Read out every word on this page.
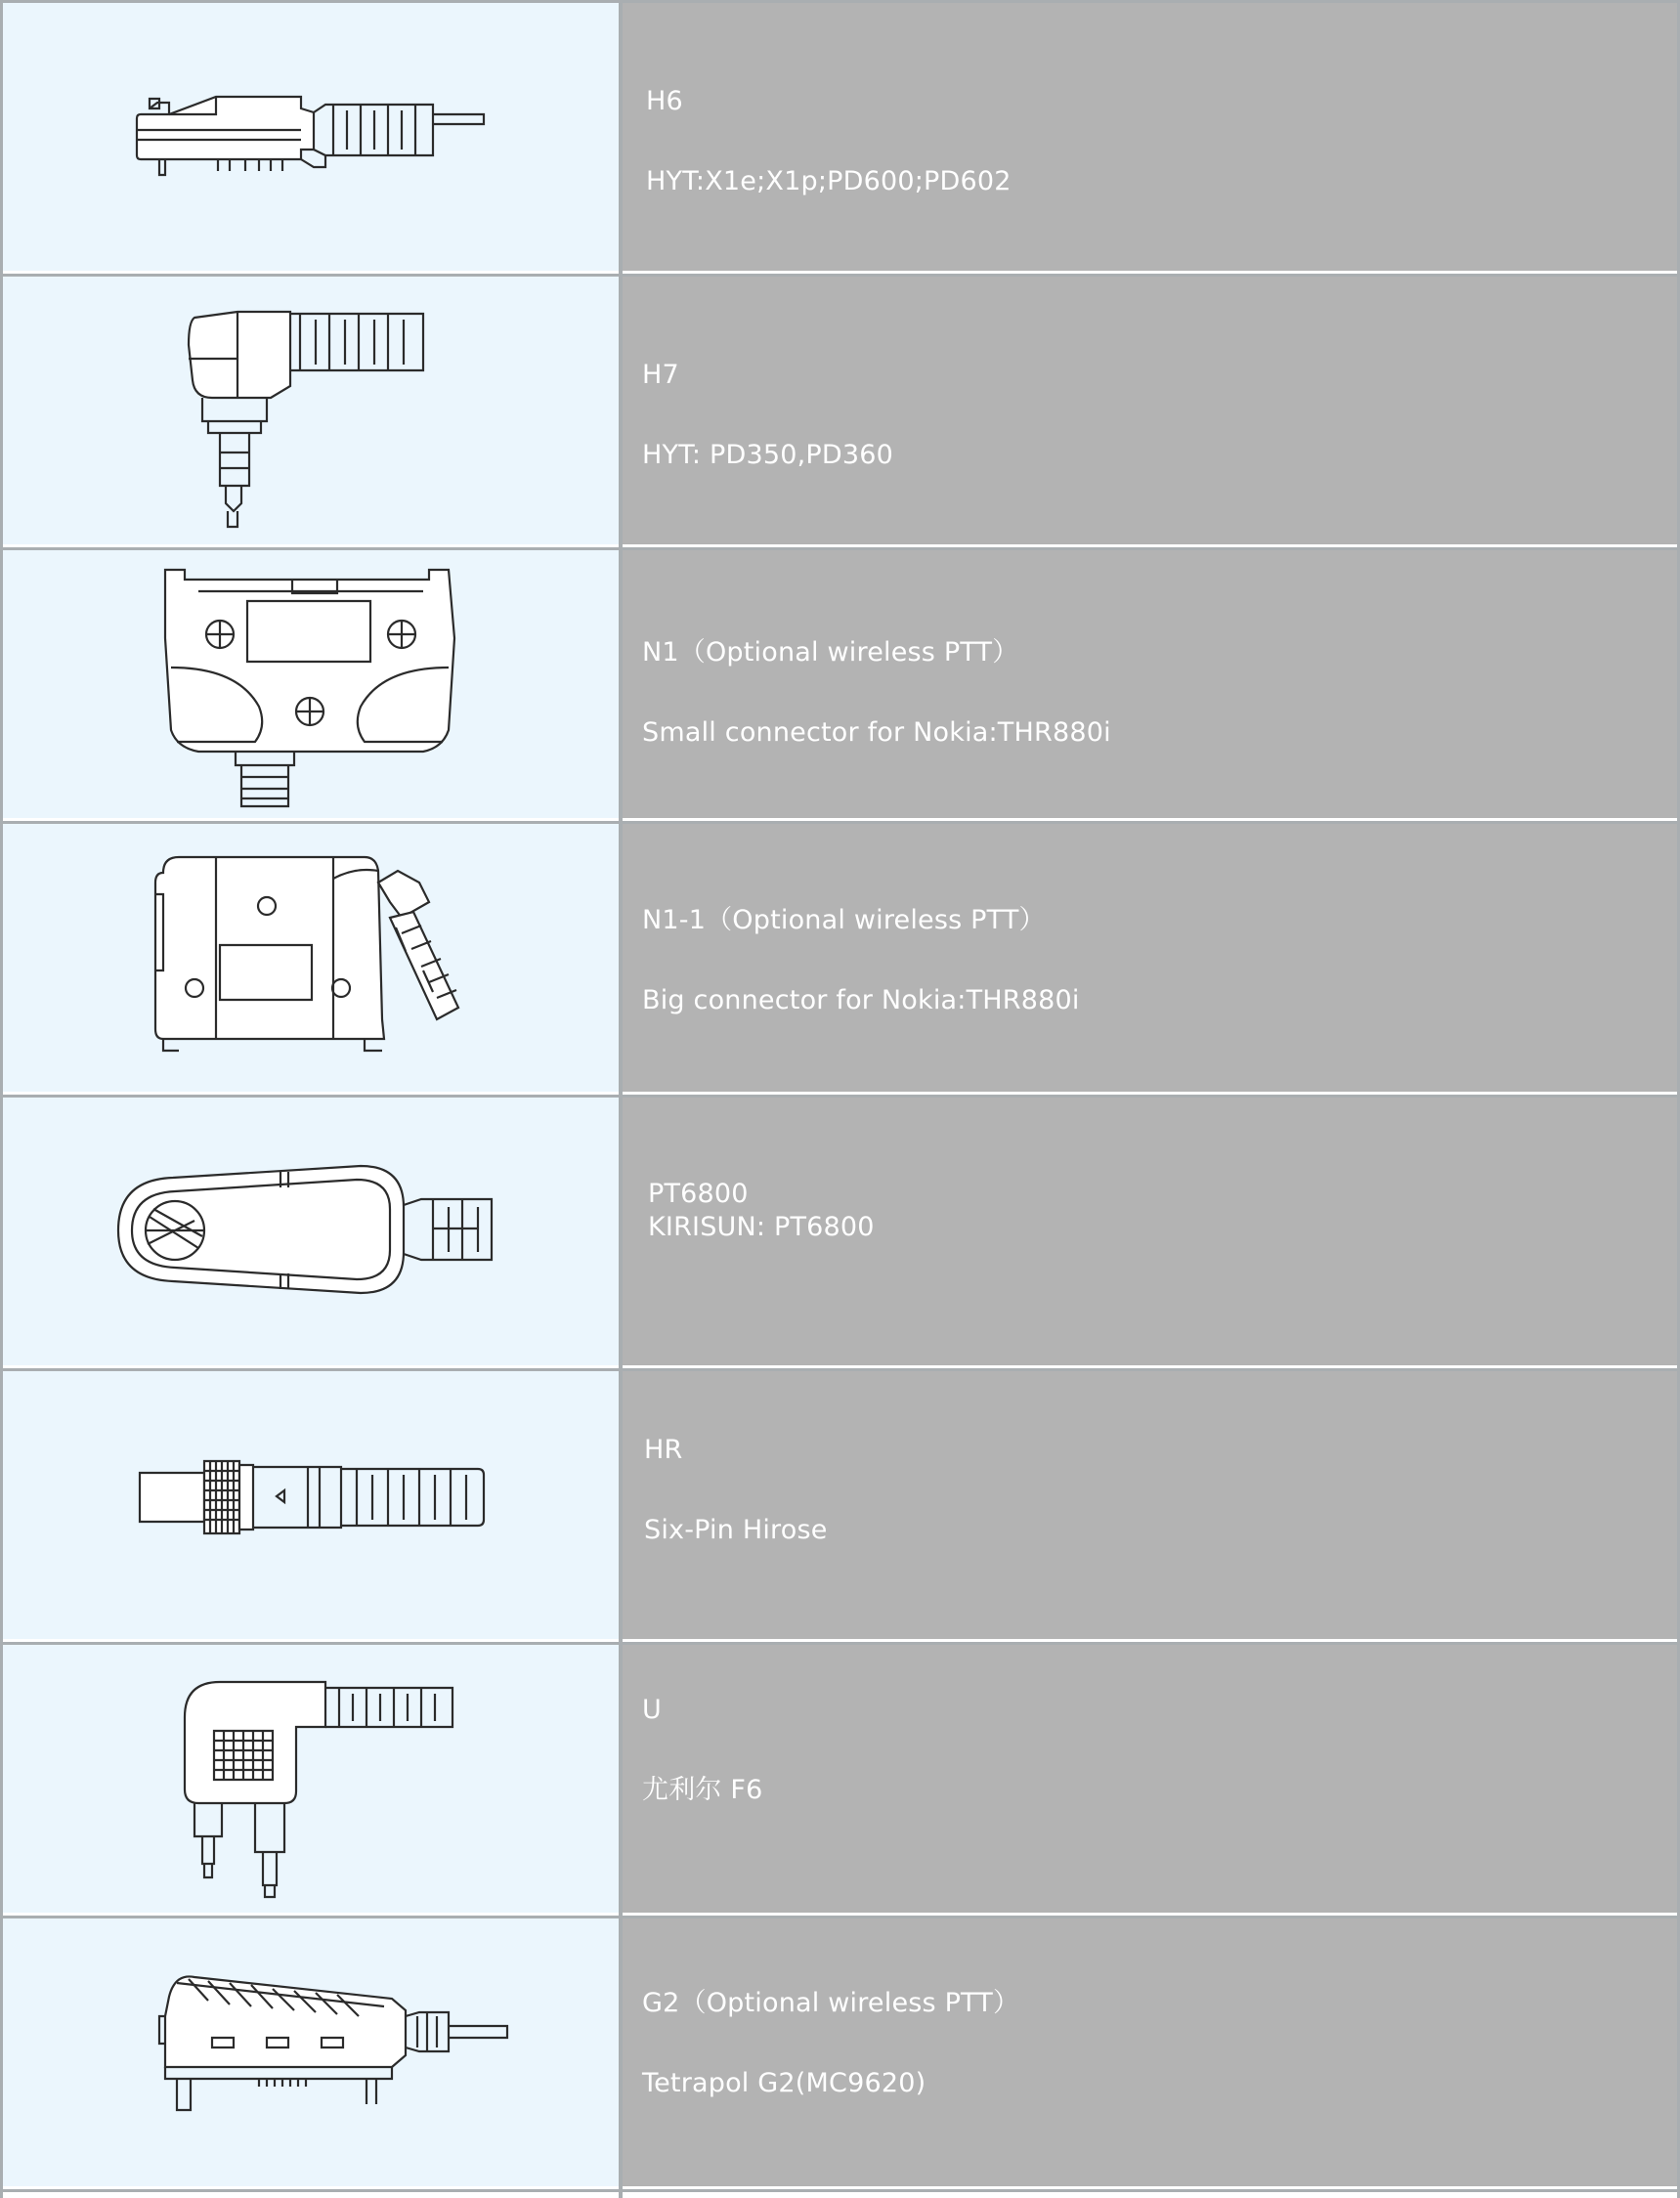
H6
HYT:X1e;X1p;PD600;PD602
H7
HYT: PD350,PD360
N1（Optional wireless PTT）
Small connector for Nokia:THR880i
N1-1（Optional wireless PTT）
Big connector for Nokia:THR880i
PT6800
KIRISUN: PT6800
HR
Six-Pin Hirose
U
尤利尔 F6
G2（Optional wireless PTT）
Tetrapol G2(MC9620)
